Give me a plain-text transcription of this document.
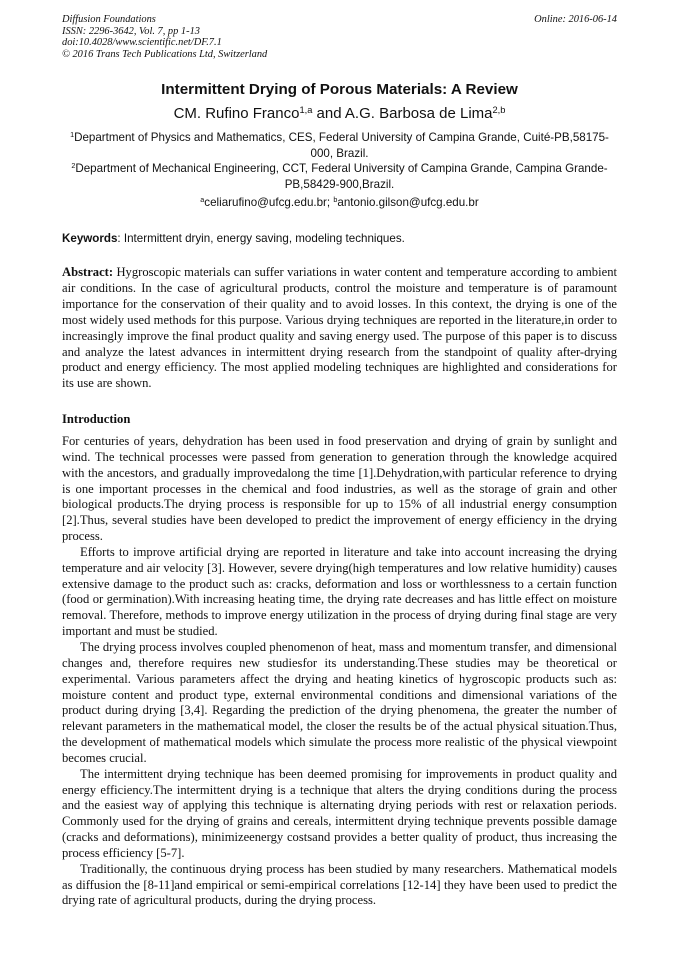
Diffusion Foundations
ISSN: 2296-3642, Vol. 7, pp 1-13
doi:10.4028/www.scientific.net/DF.7.1
© 2016 Trans Tech Publications Ltd, Switzerland
Online: 2016-06-14
Intermittent Drying of Porous Materials: A Review
CM. Rufino Franco$^{1,a}$ and A.G. Barbosa de Lima$^{2,b}$
$^1$Department of Physics and Mathematics, CES, Federal University of Campina Grande, Cuité-PB,58175-000, Brazil.
$^2$Department of Mechanical Engineering, CCT, Federal University of Campina Grande, Campina Grande-PB,58429-900,Brazil.
$^a$celiarufino@ufcg.edu.br; $^b$antonio.gilson@ufcg.edu.br
Keywords: Intermittent dryin, energy saving, modeling techniques.
Abstract: Hygroscopic materials can suffer variations in water content and temperature according to ambient air conditions. In the case of agricultural products, control the moisture and temperature is of paramount importance for the conservation of their quality and to avoid losses. In this context, the drying is one of the most widely used methods for this purpose. Various drying techniques are reported in the literature,in order to increasingly improve the final product quality and saving energy used. The purpose of this paper is to discuss and analyze the latest advances in intermittent drying research from the standpoint of quality after-drying product and energy efficiency. The most applied modeling techniques are highlighted and considerations for its use are shown.
Introduction

For centuries of years, dehydration has been used in food preservation and drying of grain by sunlight and wind. The technical processes were passed from generation to generation through the knowledge acquired with the ancestors, and gradually improvedalong the time [1].Dehydration,with particular reference to drying is one important processes in the chemical and food industries, as well as the storage of grain and other biological products.The drying process is responsible for up to 15% of all industrial energy consumption [2].Thus, several studies have been developed to predict the improvement of energy efficiency in the drying process.

Efforts to improve artificial drying are reported in literature and take into account increasing the drying temperature and air velocity [3]. However, severe drying(high temperatures and low relative humidity) causes extensive damage to the product such as: cracks, deformation and loss or worthlessness to a certain function (food or germination).With increasing heating time, the drying rate decreases and has little effect on moisture removal. Therefore, methods to improve energy utilization in the process of drying during final stage are very important and must be studied.

The drying process involves coupled phenomenon of heat, mass and momentum transfer, and dimensional changes and, therefore requires new studiesfor its understanding.These studies may be theoretical or experimental. Various parameters affect the drying and heating kinetics of hygroscopic products such as: moisture content and product type, external environmental conditions and dimensional variations of the product during drying [3,4]. Regarding the prediction of the drying phenomena, the greater the number of relevant parameters in the mathematical model, the closer the results be of the actual physical situation.Thus, the development of mathematical models which simulate the process more realistic of the physical viewpoint becomes crucial.

The intermittent drying technique has been deemed promising for improvements in product quality and energy efficiency.The intermittent drying is a technique that alters the drying conditions during the process and the easiest way of applying this technique is alternating drying periods with rest or relaxation periods. Commonly used for the drying of grains and cereals, intermittent drying technique prevents possible damage (cracks and deformations), minimizeenergy costsand provides a better quality of product, thus increasing the process efficiency [5-7].

Traditionally, the continuous drying process has been studied by many researchers. Mathematical models as diffusion the [8-11]and empirical or semi-empirical correlations [12-14] they have been used to predict the drying rate of agricultural products, during the drying process.
